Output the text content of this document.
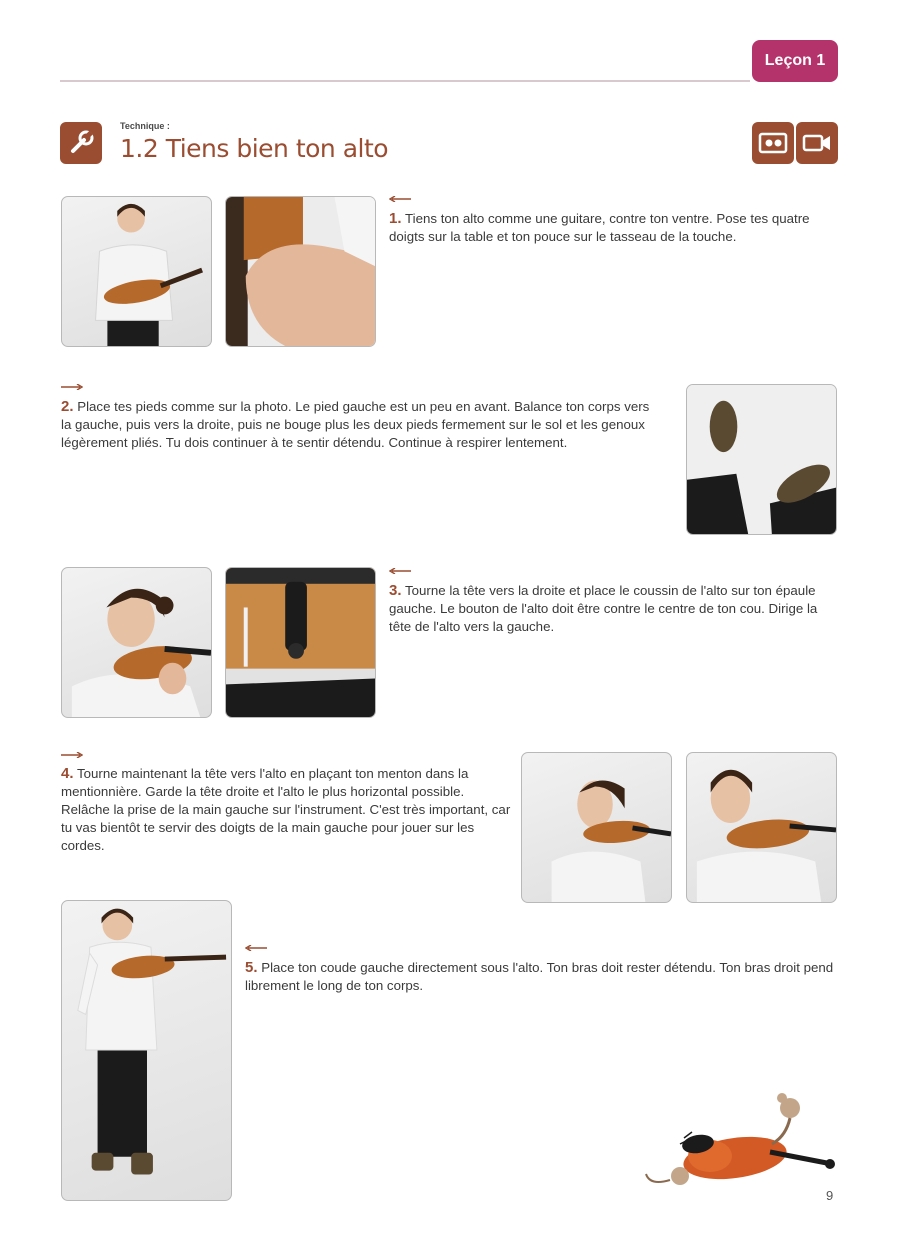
Leçon 1
Technique :
1.2 Tiens bien ton alto
1. Tiens ton alto comme une guitare, contre ton ventre. Pose tes quatre doigts sur la table et ton pouce sur le tasseau de la touche.
2. Place tes pieds comme sur la photo. Le pied gauche est un peu en avant. Balance ton corps vers la gauche, puis vers la droite, puis ne bouge plus les deux pieds fermement sur le sol et les genoux légèrement pliés. Tu dois continuer à te sentir détendu. Continue à respirer lentement.
3. Tourne la tête vers la droite et place le coussin de l'alto sur ton épaule gauche. Le bouton de l'alto doit être contre le centre de ton cou. Dirige la tête de l'alto vers la gauche.
4. Tourne maintenant la tête vers l'alto en plaçant ton menton dans la mentionnière. Garde la tête droite et l'alto le plus horizontal possible. Relâche la prise de la main gauche sur l'instrument. C'est très important, car tu vas bientôt te servir des doigts de la main gauche pour jouer sur les cordes.
5. Place ton coude gauche directement sous l'alto. Ton bras doit rester détendu. Ton bras droit pend librement le long de ton corps.
9
